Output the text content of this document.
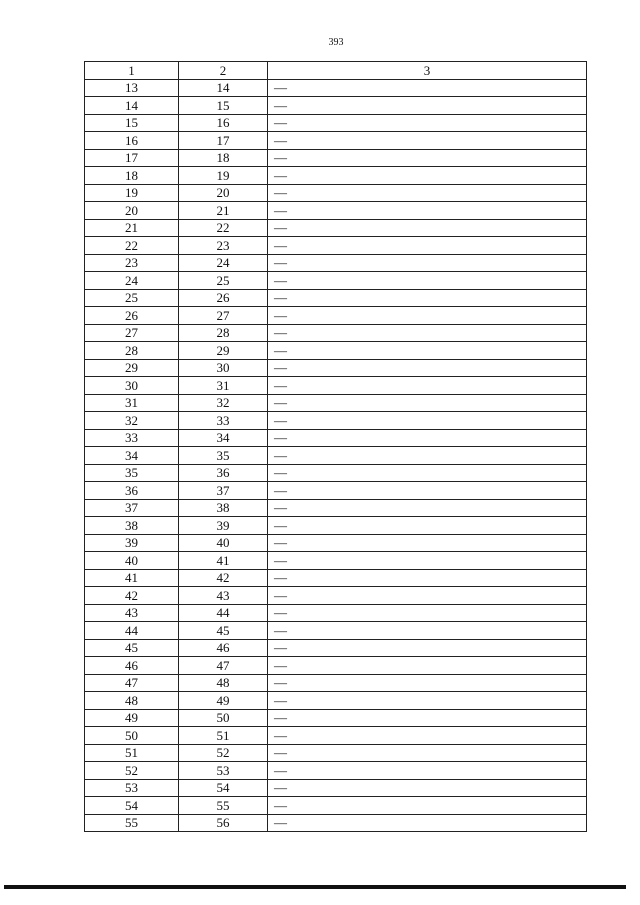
393
1	2	3
13	14	—
14	15	—
15	16	—
16	17	—
17	18	—
18	19	—
19	20	—
20	21	—
21	22	—
22	23	—
23	24	—
24	25	—
25	26	—
26	27	—
27	28	—
28	29	—
29	30	—
30	31	—
31	32	—
32	33	—
33	34	—
34	35	—
35	36	—
36	37	—
37	38	—
38	39	—
39	40	—
40	41	—
41	42	—
42	43	—
43	44	—
44	45	—
45	46	—
46	47	—
47	48	—
48	49	—
49	50	—
50	51	—
51	52	—
52	53	—
53	54	—
54	55	—
55	56	—
